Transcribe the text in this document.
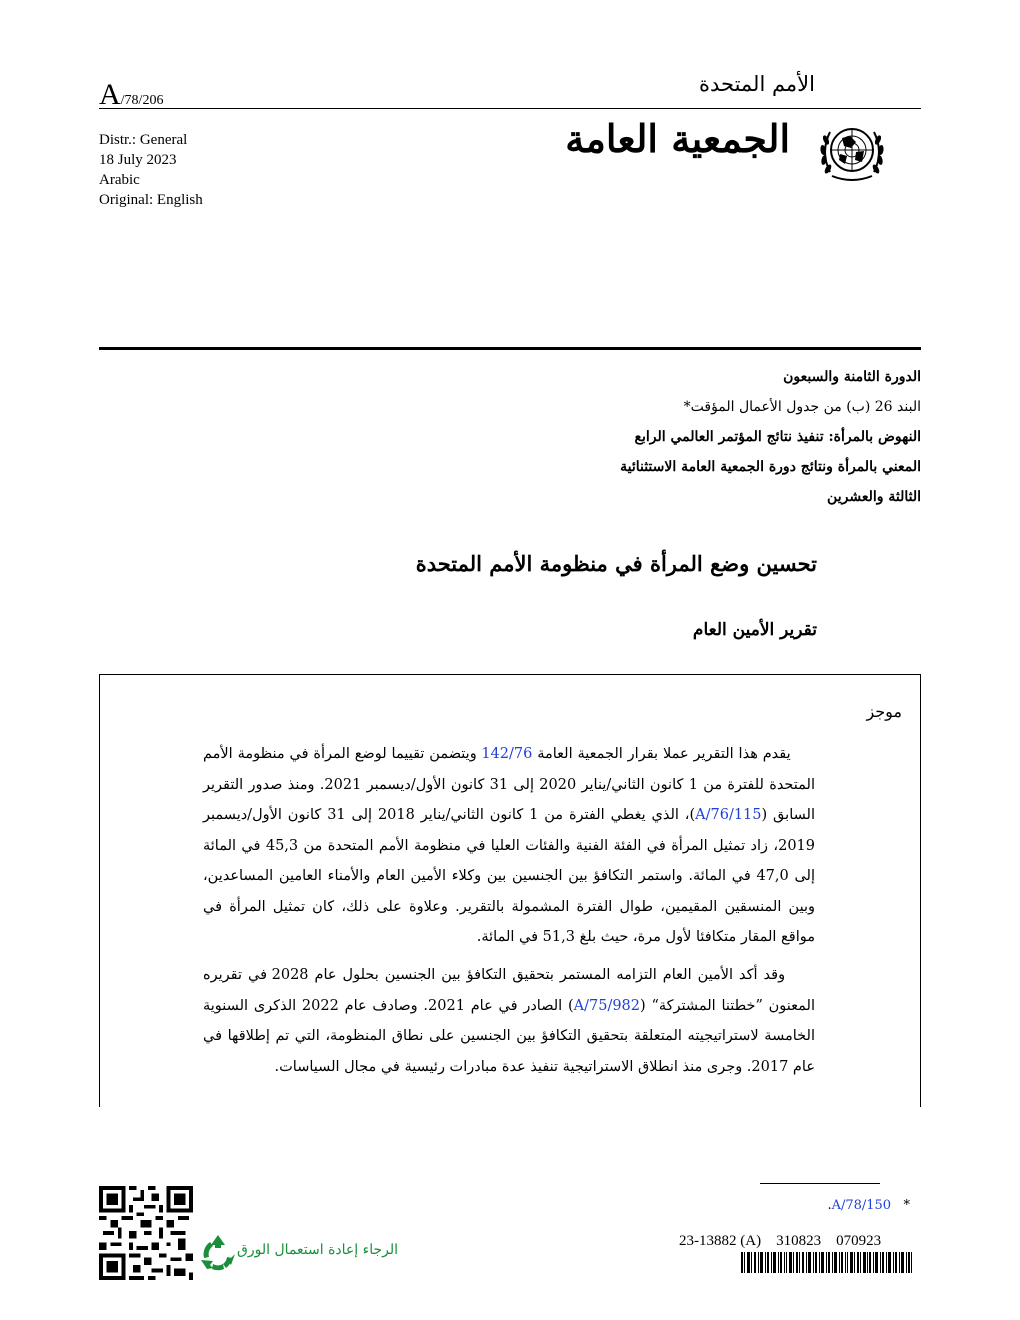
A/78/206
الأمم المتحدة
Distr.: General
18 July 2023
Arabic
Original: English
الجمعية العامة
الدورة الثامنة والسبعون
البند 26 (ب) من جدول الأعمال المؤقت*
النهوض بالمرأة: تنفيذ نتائج المؤتمر العالمي الرابع
المعني بالمرأة ونتائج دورة الجمعية العامة الاستثنائية
الثالثة والعشرين
تحسين وضع المرأة في منظومة الأمم المتحدة
تقرير الأمين العام
موجز

يقدم هذا التقرير عملا بقرار الجمعية العامة 142/76 ويتضمن تقييما لوضع المرأة في منظومة الأمم المتحدة للفترة من 1 كانون الثاني/يناير 2020 إلى 31 كانون الأول/ديسمبر 2021. ومنذ صدور التقرير السابق (A/76/115)، الذي يغطي الفترة من 1 كانون الثاني/يناير 2018 إلى 31 كانون الأول/ديسمبر 2019، زاد تمثيل المرأة في الفئة الفنية والفئات العليا في منظومة الأمم المتحدة من 45,3 في المائة إلى 47,0 في المائة. واستمر التكافؤ بين الجنسين بين وكلاء الأمين العام والأمناء العامين المساعدين، وبين المنسقين المقيمين، طوال الفترة المشمولة بالتقرير. وعلاوة على ذلك، كان تمثيل المرأة في مواقع المقار متكافئا لأول مرة، حيث بلغ 51,3 في المائة.

وقد أكد الأمين العام التزامه المستمر بتحقيق التكافؤ بين الجنسين بحلول عام 2028 في تقريره المعنون ”خطتنا المشتركة“ (A/75/982) الصادر في عام 2021. وصادف عام 2022 الذكرى السنوية الخامسة لاستراتيجيته المتعلقة بتحقيق التكافؤ بين الجنسين على نطاق المنظومة، التي تم إطلاقها في عام 2017. وجرى منذ انطلاق الاستراتيجية تنفيذ عدة مبادرات رئيسية في مجال السياسات.

*   A/78/150.
23-13882 (A)    310823    070923
الرجاء إعادة استعمال الورق
